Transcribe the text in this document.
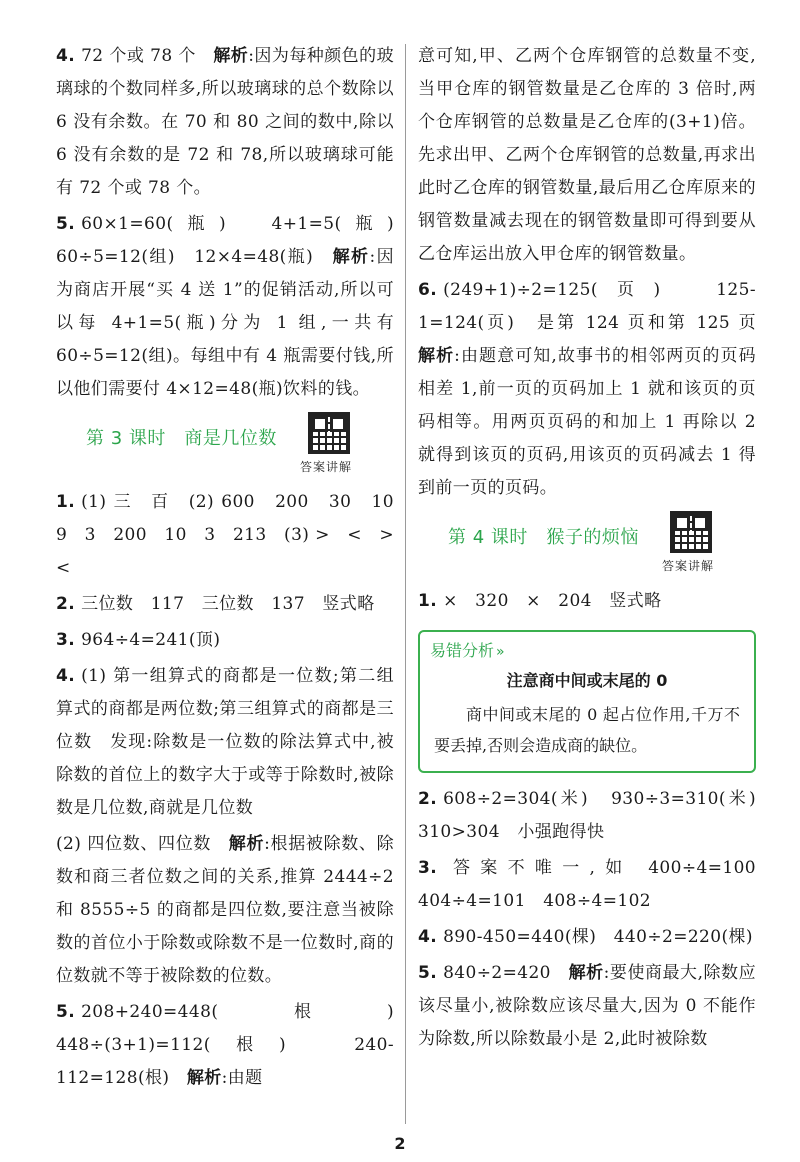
4. 72 个或 78 个　 解析:因为每种颜色的玻璃球的个数同样多,所以玻璃球的总个数除以 6 没有余数。在 70 和 80 之间的数中,除以 6 没有余数的是 72 和 78,所以玻璃球可能有 72 个或 78 个。

5. 60×1=60(瓶)　4+1=5(瓶)　60÷5=12(组)　12×4=48(瓶)　 解析:因为商店开展“买 4 送 1”的促销活动,所以可以每 4+1=5(瓶)分为 1 组,一共有 60÷5=12(组)。每组中有 4 瓶需要付钱,所以他们需要付 4×12=48(瓶)饮料的钱。

第 3 课时　商是几位数
答案讲解

1. (1) 三　百　(2) 600　200　30　10　9　3　200　10　3　213　(3) >　<　>　<

2. 三位数　117　三位数　137　竖式略

3. 964÷4=241(顶)

4. (1) 第一组算式的商都是一位数;第二组算式的商都是两位数;第三组算式的商都是三位数　发现:除数是一位数的除法算式中,被除数的首位上的数字大于或等于除数时,被除数是几位数,商就是几位数

(2) 四位数、四位数　 解析:根据被除数、除数和商三者位数之间的关系,推算 2444÷2 和 8555÷5 的商都是四位数,要注意当被除数的首位小于除数或除数不是一位数时,商的位数就不等于被除数的位数。

5. 208+240=448(根)　448÷(3+1)=112(根)　240-112=128(根)　 解析:由题

意可知,甲、乙两个仓库钢管的总数量不变,当甲仓库的钢管数量是乙仓库的 3 倍时,两个仓库钢管的总数量是乙仓库的(3+1)倍。先求出甲、乙两个仓库钢管的总数量,再求出此时乙仓库的钢管数量,最后用乙仓库原来的钢管数量减去现在的钢管数量即可得到要从乙仓库运出放入甲仓库的钢管数量。

6. (249+1)÷2=125(页)　125-1=124(页)　是第 124 页和第 125 页　解析:由题意可知,故事书的相邻两页的页码相差 1,前一页的页码加上 1 就和该页的页码相等。用两页页码的和加上 1 再除以 2 就得到该页的页码,用该页的页码减去 1 得到前一页的页码。

第 4 课时　猴子的烦恼
答案讲解

1. ×　320　×　204　竖式略

易错分析 »
注意商中间或末尾的 0
商中间或末尾的 0 起占位作用,千万不要丢掉,否则会造成商的缺位。

2. 608÷2=304(米)　930÷3=310(米)　310>304　小强跑得快

3. 答案不唯一,如 400÷4=100　404÷4=101　408÷4=102

4. 890-450=440(棵)　440÷2=220(棵)

5. 840÷2=420　 解析:要使商最大,除数应该尽量小,被除数应该尽量大,因为 0 不能作为除数,所以除数最小是 2,此时被除数

2
